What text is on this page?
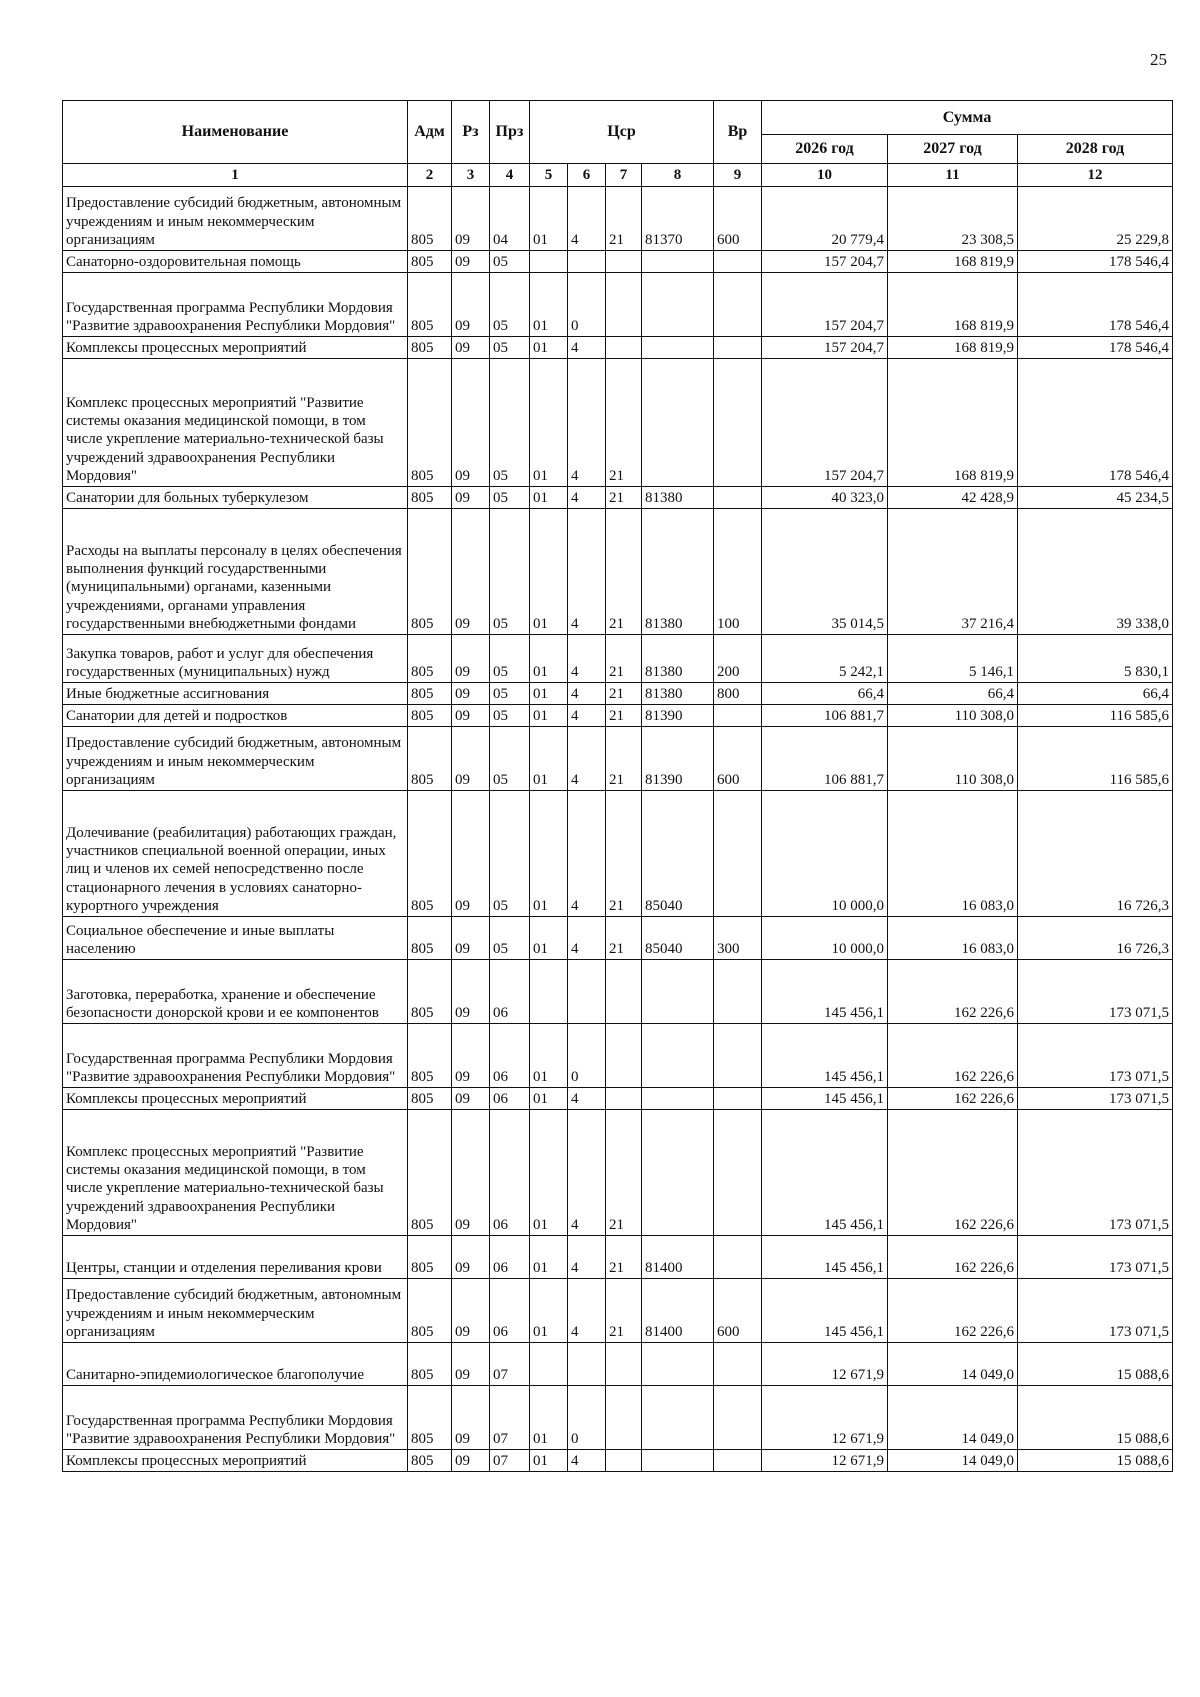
25
Наименование	Адм	Рз	Прз	Цср				Вр	Сумма		
									2026 год	2027 год	2028 год
1	2	3	4	5	6	7	8	9	10	11	12
Предоставление субсидий бюджетным, автономным учреждениям и иным некоммерческим организациям	805	09	04	01	4	21	81370	600	20 779,4	23 308,5	25 229,8
Санаторно-оздоровительная помощь	805	09	05						157 204,7	168 819,9	178 546,4
Государственная программа Республики Мордовия "Развитие здравоохранения Республики Мордовия"	805	09	05	01	0				157 204,7	168 819,9	178 546,4
Комплексы процессных мероприятий	805	09	05	01	4				157 204,7	168 819,9	178 546,4
Комплекс процессных мероприятий "Развитие системы оказания медицинской помощи, в том числе укрепление материально-технической базы учреждений здравоохранения Республики Мордовия"	805	09	05	01	4	21			157 204,7	168 819,9	178 546,4
Санатории для больных туберкулезом	805	09	05	01	4	21	81380		40 323,0	42 428,9	45 234,5
Расходы на выплаты персоналу в целях обеспечения выполнения функций государственными (муниципальными) органами, казенными учреждениями, органами управления государственными внебюджетными фондами	805	09	05	01	4	21	81380	100	35 014,5	37 216,4	39 338,0
Закупка товаров, работ и услуг для обеспечения государственных (муниципальных) нужд	805	09	05	01	4	21	81380	200	5 242,1	5 146,1	5 830,1
Иные бюджетные ассигнования	805	09	05	01	4	21	81380	800	66,4	66,4	66,4
Санатории для детей и подростков	805	09	05	01	4	21	81390		106 881,7	110 308,0	116 585,6
Предоставление субсидий бюджетным, автономным учреждениям и иным некоммерческим организациям	805	09	05	01	4	21	81390	600	106 881,7	110 308,0	116 585,6
Долечивание (реабилитация) работающих граждан, участников специальной военной операции, иных лиц и членов их семей непосредственно после стационарного лечения в условиях санаторно-курортного учреждения	805	09	05	01	4	21	85040		10 000,0	16 083,0	16 726,3
Социальное обеспечение и иные выплаты населению	805	09	05	01	4	21	85040	300	10 000,0	16 083,0	16 726,3
Заготовка, переработка, хранение и обеспечение безопасности донорской крови и ее компонентов	805	09	06						145 456,1	162 226,6	173 071,5
Государственная программа Республики Мордовия "Развитие здравоохранения Республики Мордовия"	805	09	06	01	0				145 456,1	162 226,6	173 071,5
Комплексы процессных мероприятий	805	09	06	01	4				145 456,1	162 226,6	173 071,5
Комплекс процессных мероприятий "Развитие системы оказания медицинской помощи, в том числе укрепление материально-технической базы учреждений здравоохранения Республики Мордовия"	805	09	06	01	4	21			145 456,1	162 226,6	173 071,5
Центры, станции и отделения переливания крови	805	09	06	01	4	21	81400		145 456,1	162 226,6	173 071,5
Предоставление субсидий бюджетным, автономным учреждениям и иным некоммерческим организациям	805	09	06	01	4	21	81400	600	145 456,1	162 226,6	173 071,5
Санитарно-эпидемиологическое благополучие	805	09	07						12 671,9	14 049,0	15 088,6
Государственная программа Республики Мордовия "Развитие здравоохранения Республики Мордовия"	805	09	07	01	0				12 671,9	14 049,0	15 088,6
Комплексы процессных мероприятий	805	09	07	01	4				12 671,9	14 049,0	15 088,6
